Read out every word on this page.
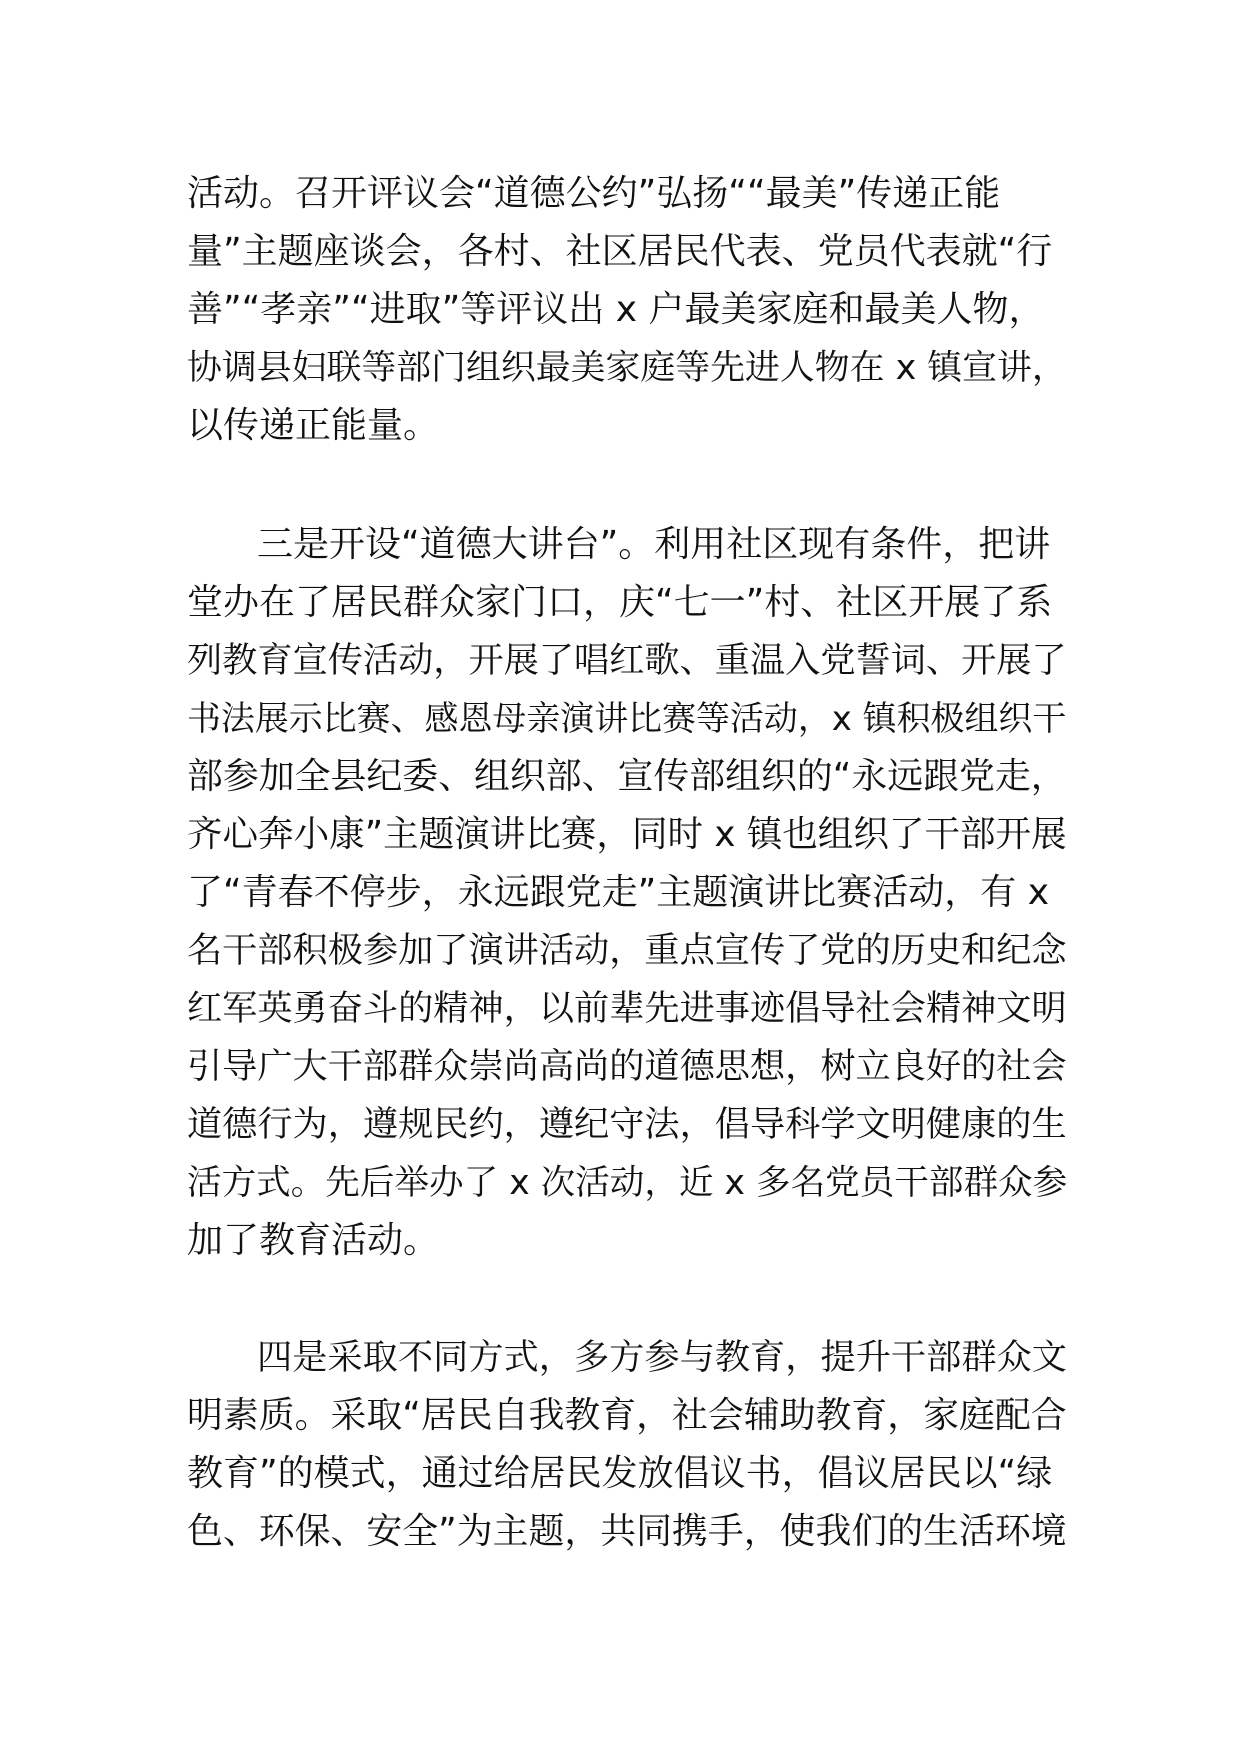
活动。召开评议会“道德公约”弘扬““最美”传递正能
量”主题座谈会，各村、社区居民代表、党员代表就“行
善”“孝亲”“进取”等评议出 x 户最美家庭和最美人物，
协调县妇联等部门组织最美家庭等先进人物在 x 镇宣讲，
以传递正能量。
三是开设“道德大讲台”。利用社区现有条件，把讲
堂办在了居民群众家门口，庆“七一”村、社区开展了系
列教育宣传活动，开展了唱红歌、重温入党誓词、开展了
书法展示比赛、感恩母亲演讲比赛等活动，x 镇积极组织干
部参加全县纪委、组织部、宣传部组织的“永远跟党走，
齐心奔小康”主题演讲比赛，同时 x 镇也组织了干部开展
了“青春不停步，永远跟党走”主题演讲比赛活动，有 x
名干部积极参加了演讲活动，重点宣传了党的历史和纪念
红军英勇奋斗的精神，以前辈先进事迹倡导社会精神文明
引导广大干部群众崇尚高尚的道德思想，树立良好的社会
道德行为，遵规民约，遵纪守法，倡导科学文明健康的生
活方式。先后举办了 x 次活动，近 x 多名党员干部群众参
加了教育活动。
四是采取不同方式，多方参与教育，提升干部群众文
明素质。采取“居民自我教育，社会辅助教育，家庭配合
教育”的模式，通过给居民发放倡议书，倡议居民以“绿
色、环保、安全”为主题，共同携手，使我们的生活环境
